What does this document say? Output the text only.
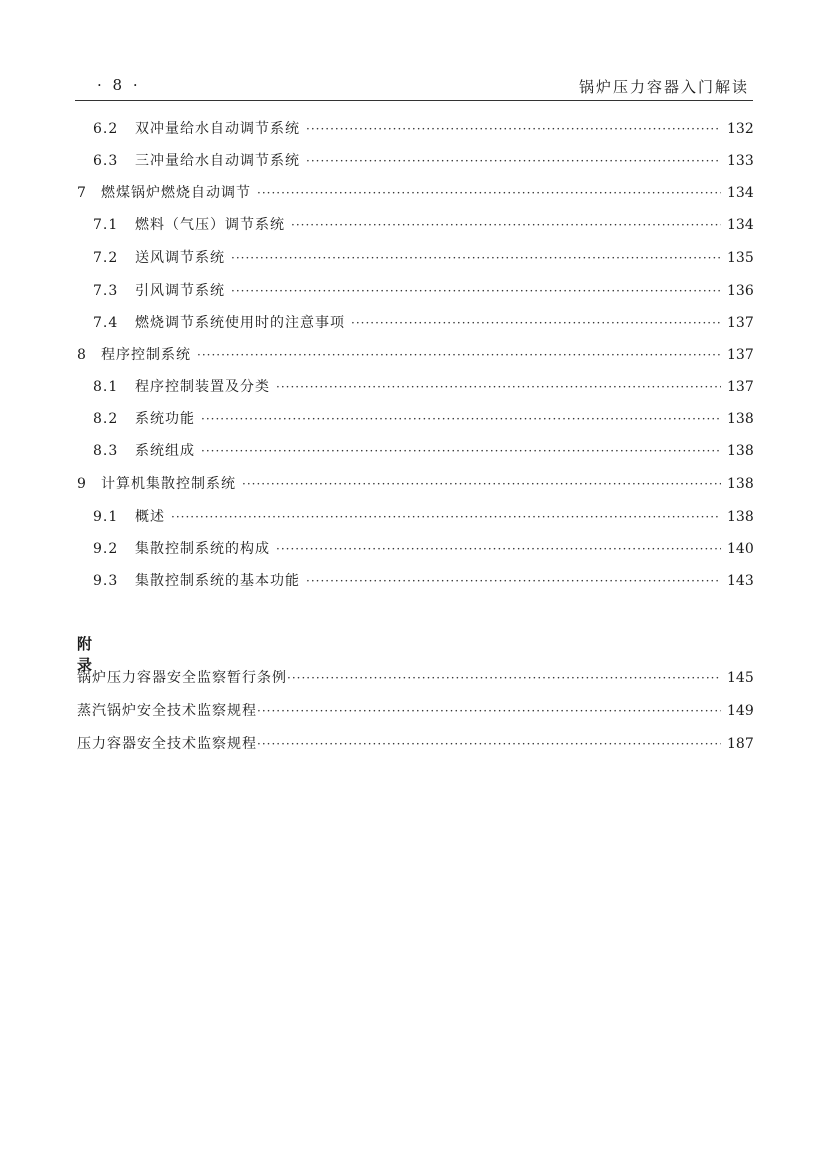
· 8 ·	锅炉压力容器入门解读
6.2	双冲量给水自动调节系统 ·····	132
6.3	三冲量给水自动调节系统 ·····	133
7	燃煤锅炉燃烧自动调节 ·····	134
7.1	燃料（气压）调节系统 ·····	134
7.2	送风调节系统 ·····	135
7.3	引风调节系统 ·····	136
7.4	燃烧调节系统使用时的注意事项 ·····	137
8	程序控制系统 ·····	137
8.1	程序控制装置及分类 ·····	137
8.2	系统功能 ·····	138
8.3	系统组成 ·····	138
9	计算机集散控制系统 ·····	138
9.1	概述 ·····	138
9.2	集散控制系统的构成 ·····	140
9.3	集散控制系统的基本功能 ·····	143
附录
锅炉压力容器安全监察暂行条例 ·····	145
蒸汽锅炉安全技术监察规程 ·····	149
压力容器安全技术监察规程 ·····	187
